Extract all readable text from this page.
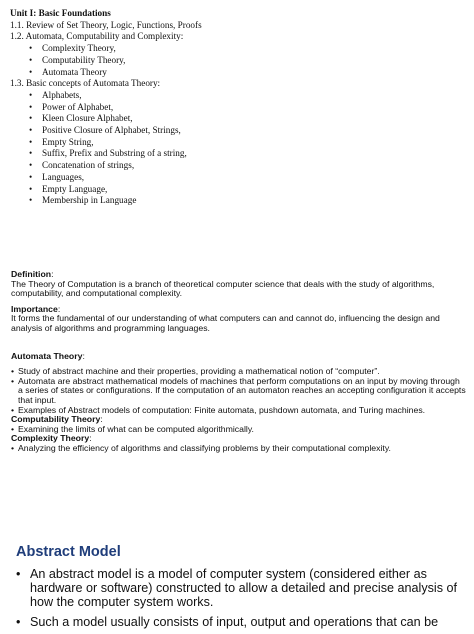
Unit I: Basic Foundations
1.1. Review of Set Theory, Logic, Functions, Proofs
1.2. Automata, Computability and Complexity:
• Complexity Theory,
• Computability Theory,
• Automata Theory
1.3. Basic concepts of Automata Theory:
• Alphabets,
• Power of Alphabet,
• Kleen Closure Alphabet,
• Positive Closure of Alphabet, Strings,
• Empty String,
• Suffix, Prefix and Substring of a string,
• Concatenation of strings,
• Languages,
• Empty Language,
• Membership in Language

Definition:

The Theory of Computation is a branch of theoretical computer science that deals with the study of algorithms, computability, and computational complexity.

Importance:

It forms the fundamental of our understanding of what computers can and cannot do, influencing the design and analysis of algorithms and programming languages.

Automata Theory:

• Study of abstract machine and their properties, providing a mathematical notion of “computer”.

• Automata are abstract mathematical models of machines that perform computations on an input by moving through a series of states or configurations. If the computation of an automaton reaches an accepting configuration it accepts that input.

• Examples of Abstract models of computation: Finite automata, pushdown automata, and Turing machines.

Computability Theory:

• Examining the limits of what can be computed algorithmically.

Complexity Theory:

• Analyzing the efficiency of algorithms and classifying problems by their computational complexity.

Abstract Model

• An abstract model is a model of computer system (considered either as hardware or software) constructed to allow a detailed and precise analysis of how the computer system works.

• Such a model usually consists of input, output and operations that can be
